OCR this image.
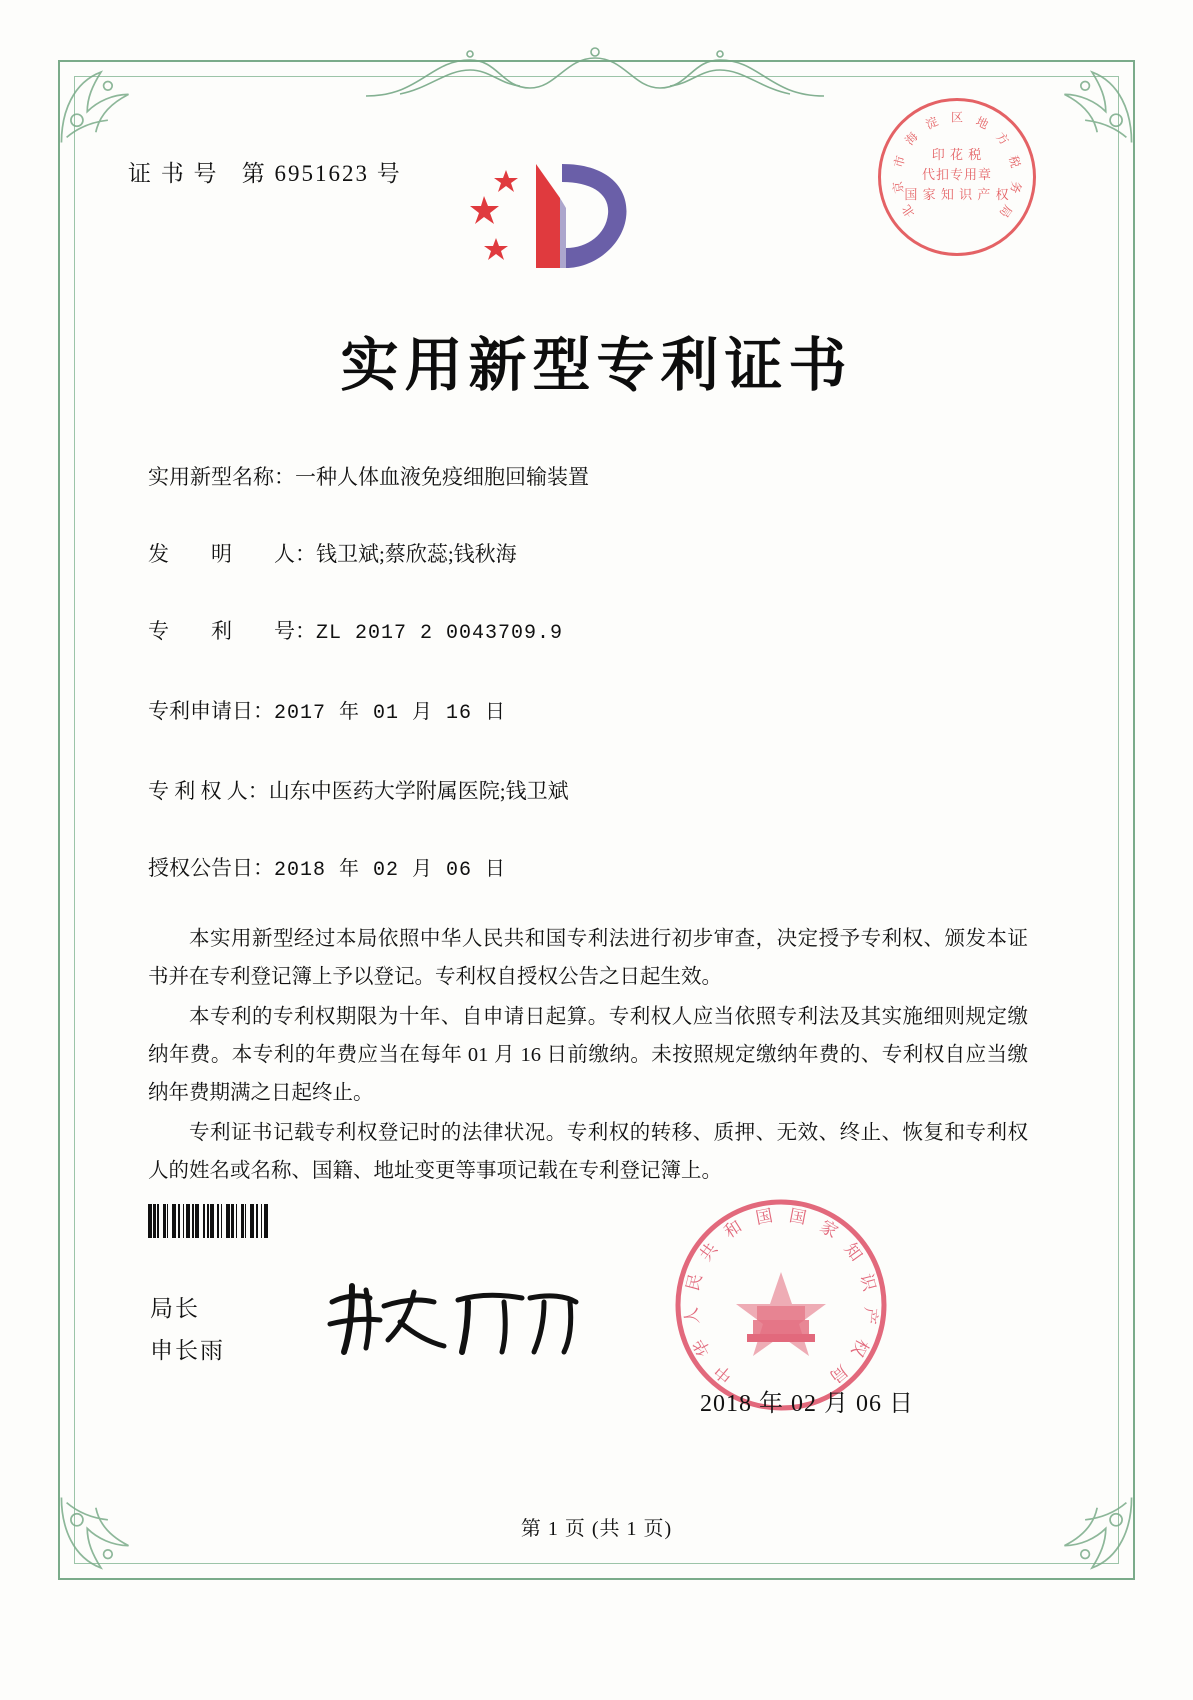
证 书 号 第 6951623 号
北
京
市
海
淀 区 地
方
税
务
局
印 花 税
代扣专用章
国 家 知 识 产 权
实用新型专利证书
实用新型名称：一种人体血液免疫细胞回输装置
发　　明　　人：钱卫斌;蔡欣蕊;钱秋海
专　　利　　号：ZL 2017 2 0043709.9
专利申请日：2017 年 01 月 16 日
专 利 权 人：山东中医药大学附属医院;钱卫斌
授权公告日：2018 年 02 月 06 日

本实用新型经过本局依照中华人民共和国专利法进行初步审查，决定授予专利权、颁发本证书并在专利登记簿上予以登记。专利权自授权公告之日起生效。

本专利的专利权期限为十年、自申请日起算。专利权人应当依照专利法及其实施细则规定缴纳年费。本专利的年费应当在每年 01 月 16 日前缴纳。未按照规定缴纳年费的、专利权自应当缴纳年费期满之日起终止。

专利证书记载专利权登记时的法律状况。专利权的转移、质押、无效、终止、恢复和专利权人的姓名或名称、国籍、地址变更等事项记载在专利登记簿上。

局长
申长雨
中
华
人
民
共
和 国 国 家
知
识
产
权
局
2018 年 02 月 06 日
第 1 页 (共 1 页)
